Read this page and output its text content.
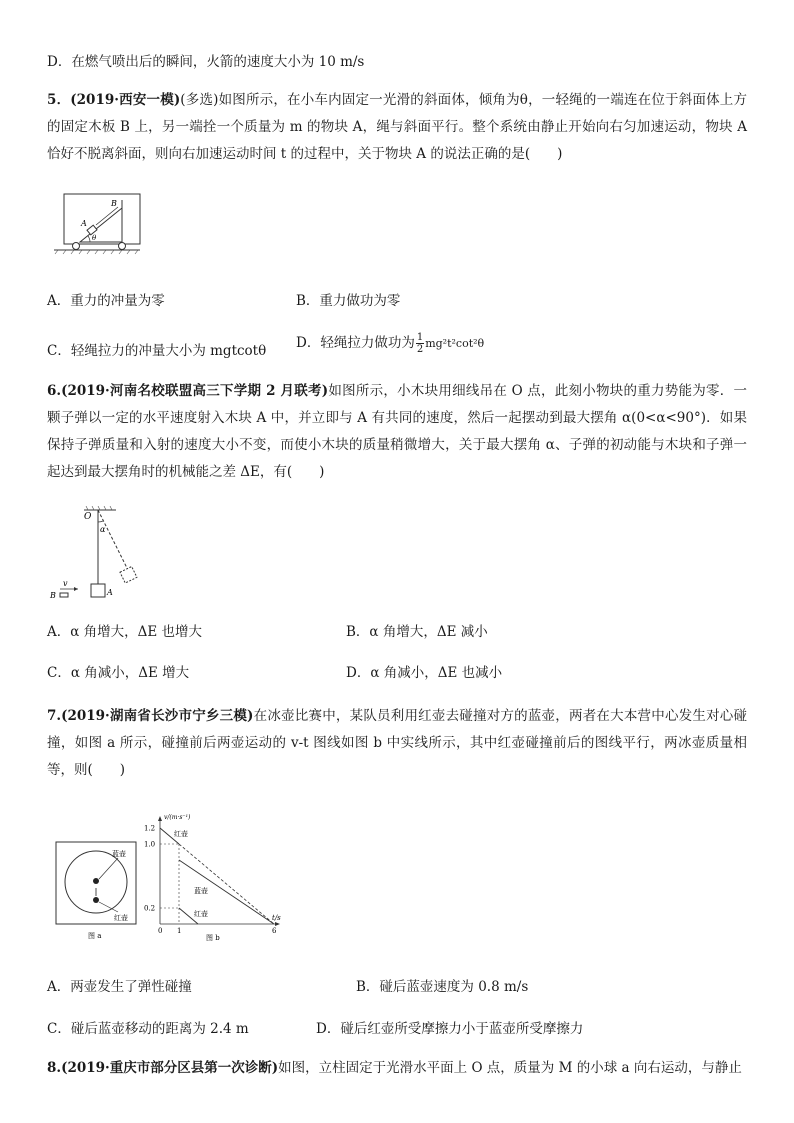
D．在燃气喷出后的瞬间，火箭的速度大小为 10 m/s
5．(2019·西安一模)(多选)如图所示，在小车内固定一光滑的斜面体，倾角为θ，一轻绳的一端连在位于斜面体上方的固定木板 B 上，另一端拴一个质量为 m 的物块 A，绳与斜面平行。整个系统由静止开始向右匀加速运动，物块 A 恰好不脱离斜面，则向右加速运动时间 t 的过程中，关于物块 A 的说法正确的是(　　)
A
B
θ
A．重力的冲量为零	B．重力做功为零
C．轻绳拉力的冲量大小为 mgtcotθ D．轻绳拉力做功为 $\frac{1}{2} mg^2t^2\cot^2\theta$
6.(2019·河南名校联盟高三下学期 2 月联考)如图所示，小木块用细线吊在 O 点，此刻小物块的重力势能为零．一颗子弹以一定的水平速度射入木块 A 中，并立即与 A 有共同的速度，然后一起摆动到最大摆角 α(0<α<90°)．如果保持子弹质量和入射的速度大小不变，而使小木块的质量稍微增大，关于最大摆角 α、子弹的初动能与木块和子弹一起达到最大摆角时的机械能之差 ΔE，有(　　)
O
α
A
B
v
A．α 角增大，ΔE 也增大	B．α 角增大，ΔE 减小
C．α 角减小，ΔE 增大	D．α 角减小，ΔE 也减小
7.(2019·湖南省长沙市宁乡三模)在冰壶比赛中，某队员利用红壶去碰撞对方的蓝壶，两者在大本营中心发生对心碰撞，如图 a 所示，碰撞前后两壶运动的 v-t 图线如图 b 中实线所示，其中红壶碰撞前后的图线平行，两冰壶质量相等，则(　　)
蓝壶
红壶
图 a
1.2
1.0
0.2
0 1	6
v/(m·s⁻¹)
t/s
红壶
蓝壶
红壶
图 b
A．两壶发生了弹性碰撞	B．碰后蓝壶速度为 0.8 m/s
C．碰后蓝壶移动的距离为 2.4 m	D．碰后红壶所受摩擦力小于蓝壶所受摩擦力
8.(2019·重庆市部分区县第一次诊断)如图，立柱固定于光滑水平面上 O 点，质量为 M 的小球 a 向右运动，与静止
